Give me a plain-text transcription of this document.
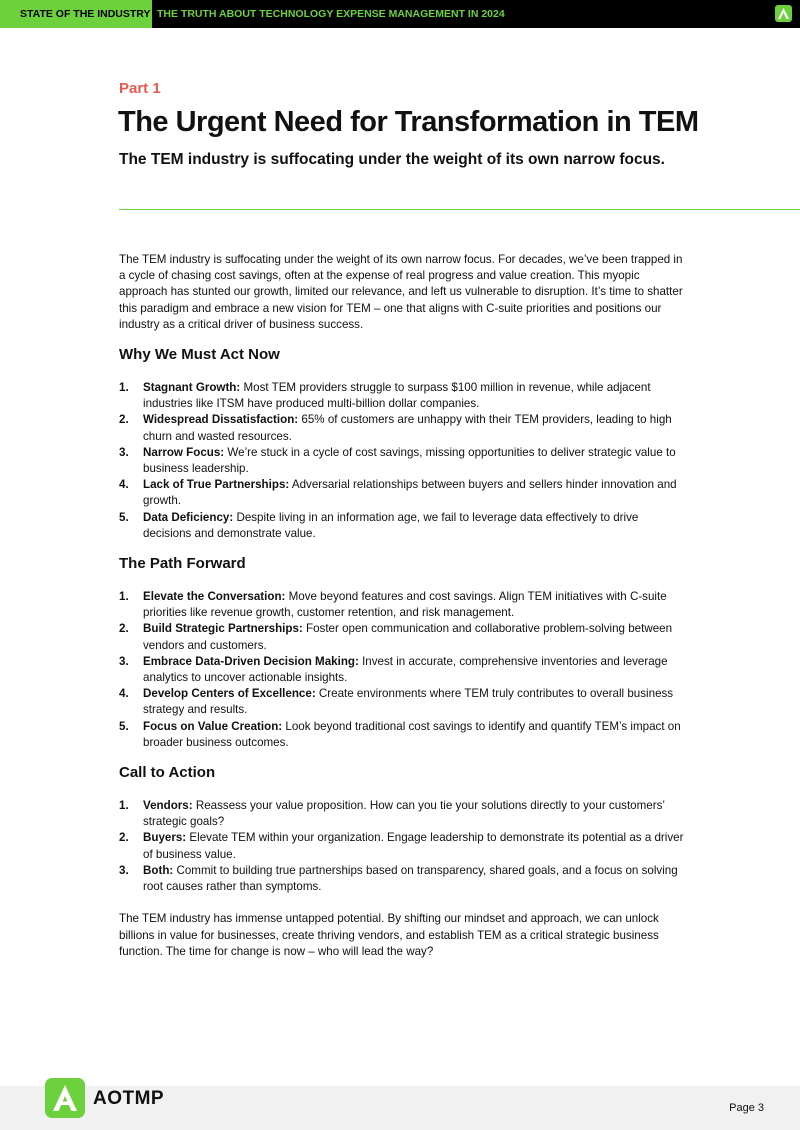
STATE OF THE INDUSTRY THE TRUTH ABOUT TECHNOLOGY EXPENSE MANAGEMENT IN 2024
Part 1
The Urgent Need for Transformation in TEM
The TEM industry is suffocating under the weight of its own narrow focus.

The TEM industry is suffocating under the weight of its own narrow focus. For decades, we’ve been trapped in a cycle of chasing cost savings, often at the expense of real progress and value creation. This myopic approach has stunted our growth, limited our relevance, and left us vulnerable to disruption. It’s time to shatter this paradigm and embrace a new vision for TEM – one that aligns with C-suite priorities and positions our industry as a critical driver of business success.

Why We Must Act Now
1. Stagnant Growth: Most TEM providers struggle to surpass $100 million in revenue, while adjacent industries like ITSM have produced multi-billion dollar companies.
2. Widespread Dissatisfaction: 65% of customers are unhappy with their TEM providers, leading to high churn and wasted resources.
3. Narrow Focus: We’re stuck in a cycle of cost savings, missing opportunities to deliver strategic value to business leadership.
4. Lack of True Partnerships: Adversarial relationships between buyers and sellers hinder innovation and growth.
5. Data Deficiency: Despite living in an information age, we fail to leverage data effectively to drive decisions and demonstrate value.
The Path Forward
1. Elevate the Conversation: Move beyond features and cost savings. Align TEM initiatives with C-suite priorities like revenue growth, customer retention, and risk management.
2. Build Strategic Partnerships: Foster open communication and collaborative problem-solving between vendors and customers.
3. Embrace Data-Driven Decision Making: Invest in accurate, comprehensive inventories and leverage analytics to uncover actionable insights.
4. Develop Centers of Excellence: Create environments where TEM truly contributes to overall business strategy and results.
5. Focus on Value Creation: Look beyond traditional cost savings to identify and quantify TEM’s impact on broader business outcomes.
Call to Action
1. Vendors: Reassess your value proposition. How can you tie your solutions directly to your customers’ strategic goals?
2. Buyers: Elevate TEM within your organization. Engage leadership to demonstrate its potential as a driver of business value.
3. Both: Commit to building true partnerships based on transparency, shared goals, and a focus on solving root causes rather than symptoms.

The TEM industry has immense untapped potential. By shifting our mindset and approach, we can unlock billions in value for businesses, create thriving vendors, and establish TEM as a critical strategic business function. The time for change is now – who will lead the way?

AOTMP	Page 3
